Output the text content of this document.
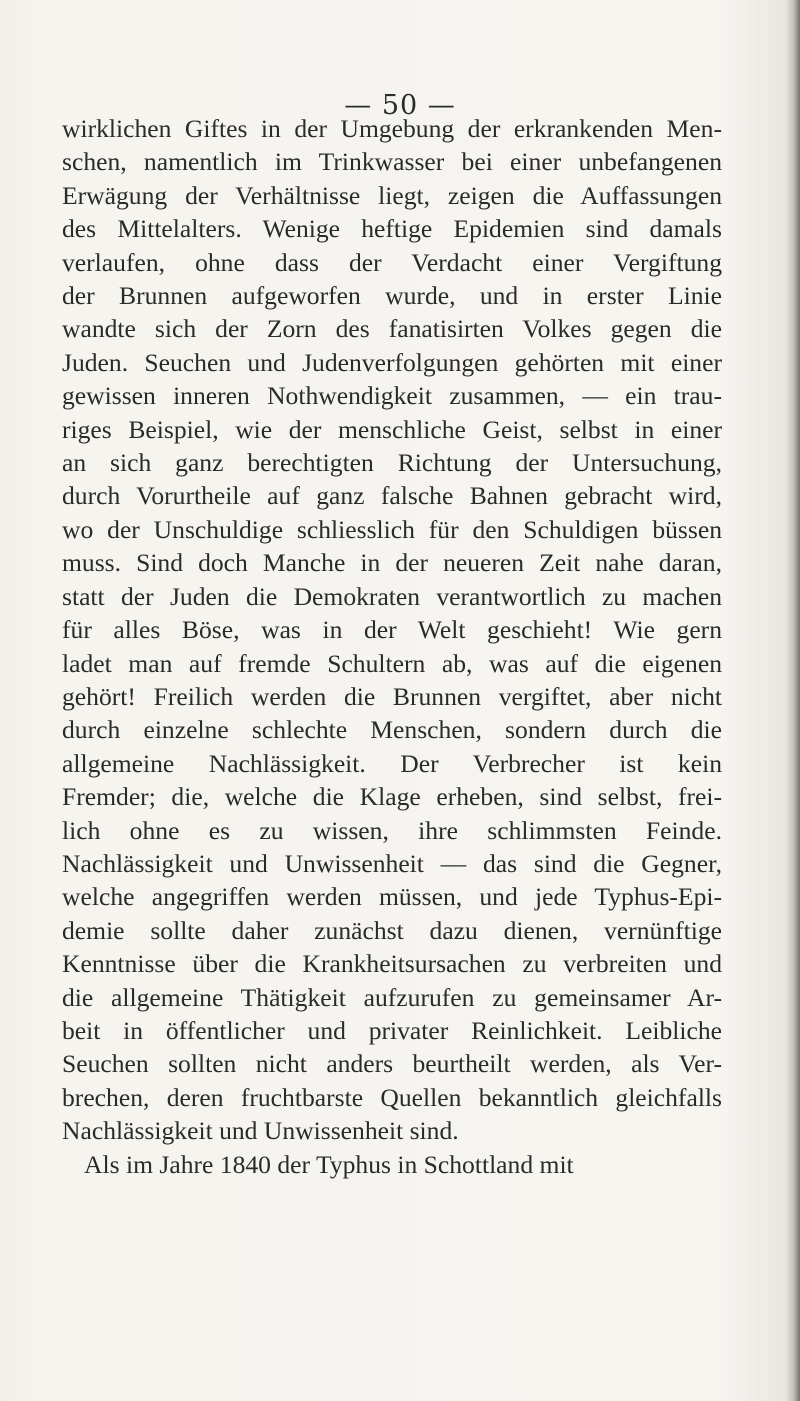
— 50 —
wirklichen Giftes in der Umgebung der erkrankenden Men-
schen, namentlich im Trinkwasser bei einer unbefangenen
Erwägung der Verhältnisse liegt, zeigen die Auffassungen
des Mittelalters. Wenige heftige Epidemien sind damals
verlaufen, ohne dass der Verdacht einer Vergiftung
der Brunnen aufgeworfen wurde, und in erster Linie
wandte sich der Zorn des fanatisirten Volkes gegen die
Juden. Seuchen und Judenverfolgungen gehörten mit einer
gewissen inneren Nothwendigkeit zusammen, — ein trau-
riges Beispiel, wie der menschliche Geist, selbst in einer
an sich ganz berechtigten Richtung der Untersuchung,
durch Vorurtheile auf ganz falsche Bahnen gebracht wird,
wo der Unschuldige schliesslich für den Schuldigen büssen
muss. Sind doch Manche in der neueren Zeit nahe daran,
statt der Juden die Demokraten verantwortlich zu machen
für alles Böse, was in der Welt geschieht! Wie gern
ladet man auf fremde Schultern ab, was auf die eigenen
gehört! Freilich werden die Brunnen vergiftet, aber nicht
durch einzelne schlechte Menschen, sondern durch die
allgemeine Nachlässigkeit. Der Verbrecher ist kein
Fremder; die, welche die Klage erheben, sind selbst, frei-
lich ohne es zu wissen, ihre schlimmsten Feinde.
Nachlässigkeit und Unwissenheit — das sind die Gegner,
welche angegriffen werden müssen, und jede Typhus-Epi-
demie sollte daher zunächst dazu dienen, vernünftige
Kenntnisse über die Krankheitsursachen zu verbreiten und
die allgemeine Thätigkeit aufzurufen zu gemeinsamer Ar-
beit in öffentlicher und privater Reinlichkeit. Leibliche
Seuchen sollten nicht anders beurtheilt werden, als Ver-
brechen, deren fruchtbarste Quellen bekanntlich gleichfalls
Nachlässigkeit und Unwissenheit sind.
Als im Jahre 1840 der Typhus in Schottland mit
